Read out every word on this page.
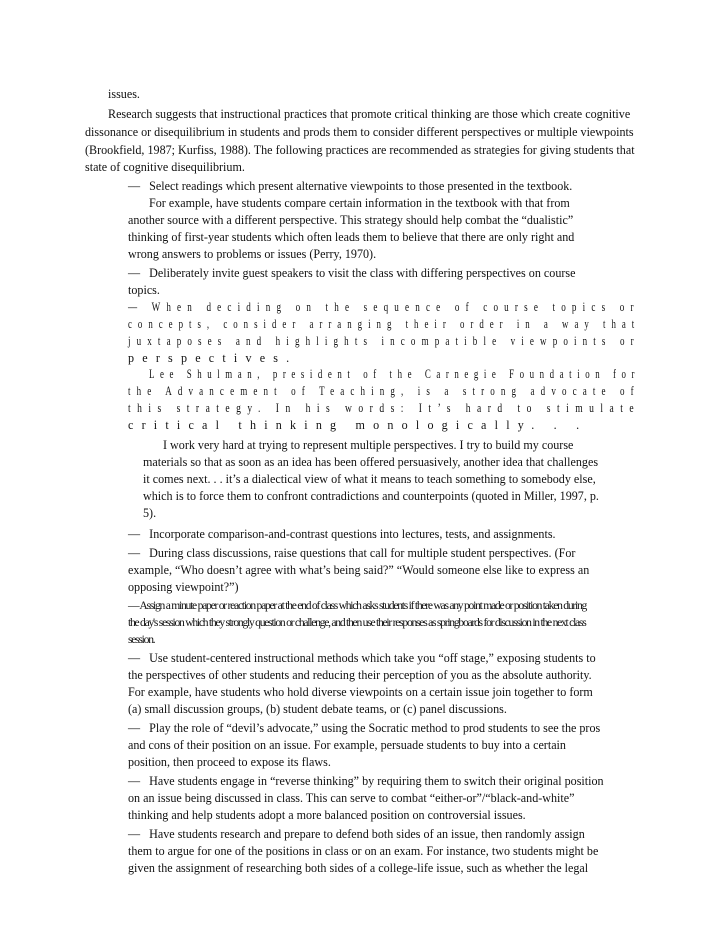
issues.
Research suggests that instructional practices that promote critical thinking are those which create cognitive
dissonance or disequilibrium in students and prods them to consider different perspectives or multiple viewpoints
(Brookfield, 1987; Kurfiss, 1988). The following practices are recommended as strategies for giving students that
state of cognitive disequilibrium.
—   Select readings which present alternative viewpoints to those presented in the textbook.
For example, have students compare certain information in the textbook with that from
another source with a different perspective. This strategy should help combat the “dualistic”
thinking of first-year students which often leads them to believe that there are only right and
wrong answers to problems or issues (Perry, 1970).
—   Deliberately invite guest speakers to visit the class with differing perspectives on course
topics.
— When deciding on the sequence of course topics or
concepts, consider arranging their order in a way that
juxtaposes and highlights incompatible viewpoints or
perspectives.
Lee Shulman, president of the Carnegie Foundation for
the Advancement of Teaching, is a strong advocate of
this strategy. In his words: It’s hard to stimulate
critical thinking monologically. . .
I work very hard at trying to represent multiple perspectives. I try to build my course
materials so that as soon as an idea has been offered persuasively, another idea that challenges
it comes next. . . it’s a dialectical view of what it means to teach something to somebody else,
which is to force them to confront contradictions and counterpoints (quoted in Miller, 1997, p.
5).
—   Incorporate comparison-and-contrast questions into lectures, tests, and assignments.
—   During class discussions, raise questions that call for multiple student perspectives. (For
example, “Who doesn’t agree with what’s being said?” “Would someone else like to express an
opposing viewpoint?”)
— Assign a minute paper or reaction paper at the end of class which asks students if there was any point made or position taken during
the day's session which they strongly question or challenge, and then use their responses as springboards for discussion in the next class
session.
—   Use student-centered instructional methods which take you “off stage,” exposing students to
the perspectives of other students and reducing their perception of you as the absolute authority.
For example, have students who hold diverse viewpoints on a certain issue join together to form
(a) small discussion groups, (b) student debate teams, or (c) panel discussions.
—   Play the role of “devil’s advocate,” using the Socratic method to prod students to see the pros
and cons of their position on an issue. For example, persuade students to buy into a certain
position, then proceed to expose its flaws.
—   Have students engage in “reverse thinking” by requiring them to switch their original position
on an issue being discussed in class. This can serve to combat “either-or”/“black-and-white”
thinking and help students adopt a more balanced position on controversial issues.
—   Have students research and prepare to defend both sides of an issue, then randomly assign
them to argue for one of the positions in class or on an exam. For instance, two students might be
given the assignment of researching both sides of a college-life issue, such as whether the legal
